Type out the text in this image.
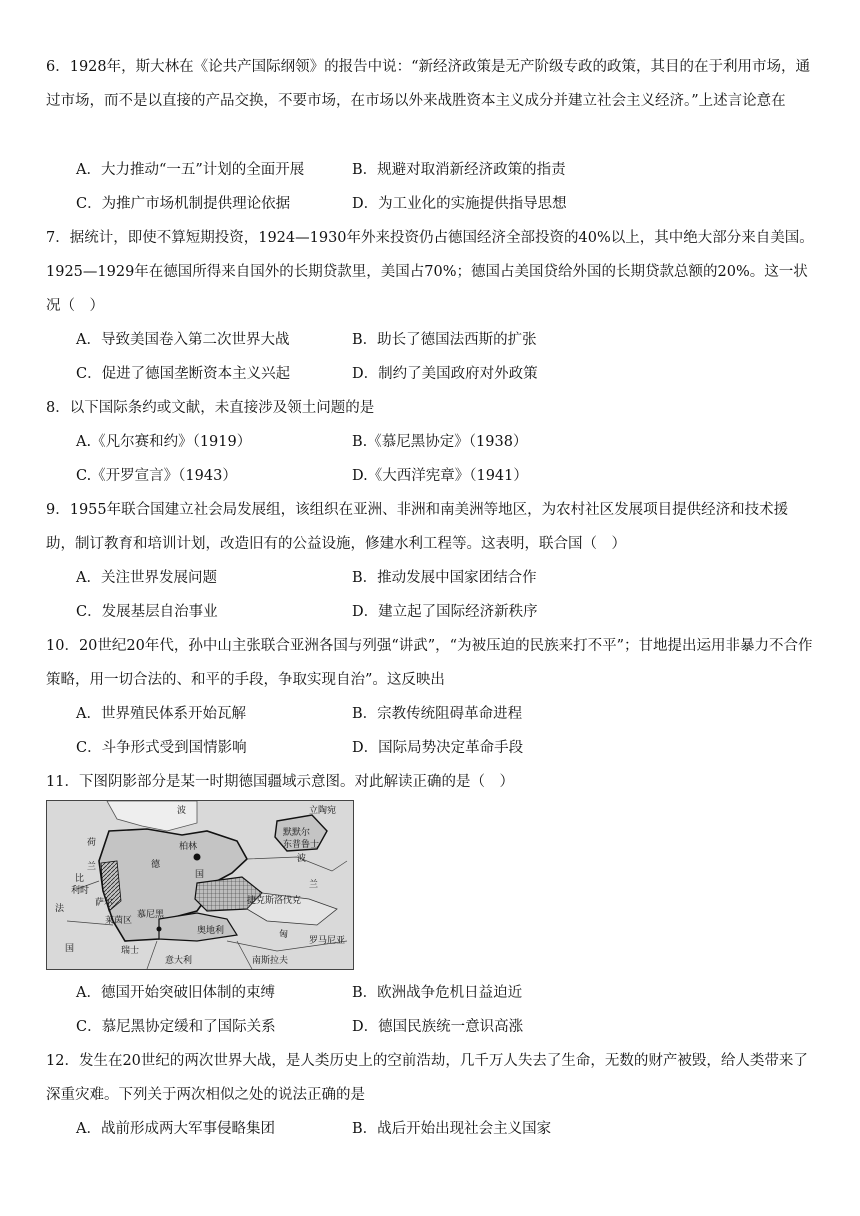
6．1928年，斯大林在《论共产国际纲领》的报告中说：“新经济政策是无产阶级专政的政策，其目的在于利用市场，通过市场，而不是以直接的产品交换，不要市场，在市场以外来战胜资本主义成分并建立社会主义经济。”上述言论意在

A．大力推动“一五”计划的全面开展	B．规避对取消新经济政策的指责
C．为推广市场机制提供理论依据	D．为工业化的实施提供指导思想

7．据统计，即使不算短期投资，1924—1930年外来投资仍占德国经济全部投资的40%以上，其中绝大部分来自美国。1925—1929年在德国所得来自国外的长期贷款里，美国占70%；德国占美国贷给外国的长期贷款总额的20%。这一状况（　）

A．导致美国卷入第二次世界大战	B．助长了德国法西斯的扩张
C．促进了德国垄断资本主义兴起	D．制约了美国政府对外政策

8．以下国际条约或文献，未直接涉及领土问题的是

A.《凡尔赛和约》（1919）	B.《慕尼黑协定》（1938）
C.《开罗宣言》（1943）	D.《大西洋宪章》（1941）

9．1955年联合国建立社会局发展组，该组织在亚洲、非洲和南美洲等地区，为农村社区发展项目提供经济和技术援助，制订教育和培训计划，改造旧有的公益设施，修建水利工程等。这表明，联合国（　）

A．关注世界发展问题	B．推动发展中国家团结合作
C．发展基层自治事业	D．建立起了国际经济新秩序

10．20世纪20年代，孙中山主张联合亚洲各国与列强“讲武”，“为被压迫的民族来打不平”；甘地提出运用非暴力不合作策略，用一切合法的、和平的手段，争取实现自治”。这反映出

A．世界殖民体系开始瓦解	B．宗教传统阻碍革命进程
C．斗争形式受到国情影响	D．国际局势决定革命手段

11．下图阴影部分是某一时期德国疆域示意图。对此解读正确的是（　）

波	立陶宛
默默尔
东普鲁士
柏林
德
国
波
兰
捷克斯洛伐克
荷
兰
比
利时
法
国
莱茵区
萨尔
奥地利
慕尼黑
瑞士
意大利	南斯拉夫
罗马尼亚
匈
A．德国开始突破旧体制的束缚	B．欧洲战争危机日益迫近
C．慕尼黑协定缓和了国际关系	D．德国民族统一意识高涨

12．发生在20世纪的两次世界大战，是人类历史上的空前浩劫，几千万人失去了生命，无数的财产被毁，给人类带来了深重灾难。下列关于两次相似之处的说法正确的是

A．战前形成两大军事侵略集团	B．战后开始出现社会主义国家
